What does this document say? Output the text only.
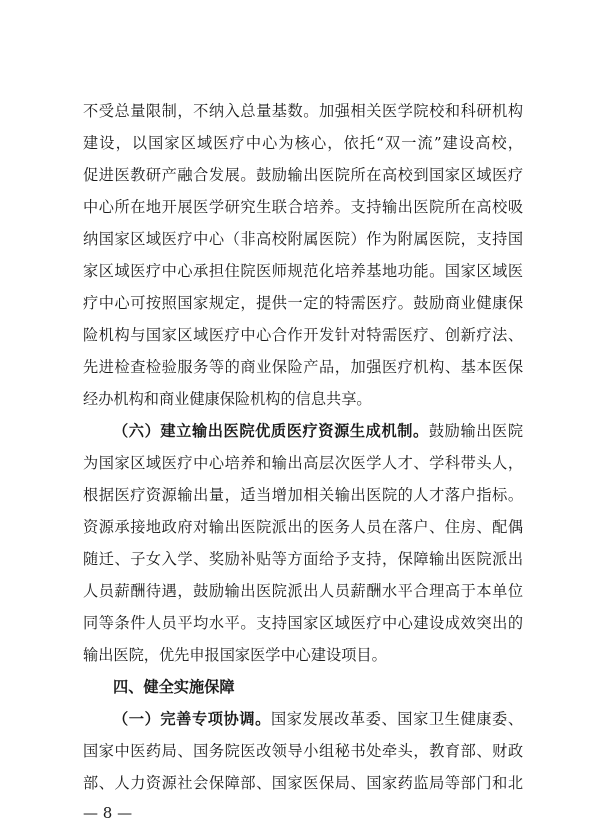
不受总量限制，不纳入总量基数。加强相关医学院校和科研机构
建设，以国家区域医疗中心为核心，依托“双一流”建设高校，
促进医教研产融合发展。鼓励输出医院所在高校到国家区域医疗
中心所在地开展医学研究生联合培养。支持输出医院所在高校吸
纳国家区域医疗中心（非高校附属医院）作为附属医院，支持国
家区域医疗中心承担住院医师规范化培养基地功能。国家区域医
疗中心可按照国家规定，提供一定的特需医疗。鼓励商业健康保
险机构与国家区域医疗中心合作开发针对特需医疗、创新疗法、
先进检查检验服务等的商业保险产品，加强医疗机构、基本医保
经办机构和商业健康保险机构的信息共享。
（六）建立输出医院优质医疗资源生成机制。鼓励输出医院
为国家区域医疗中心培养和输出高层次医学人才、学科带头人，
根据医疗资源输出量，适当增加相关输出医院的人才落户指标。
资源承接地政府对输出医院派出的医务人员在落户、住房、配偶
随迁、子女入学、奖励补贴等方面给予支持，保障输出医院派出
人员薪酬待遇，鼓励输出医院派出人员薪酬水平合理高于本单位
同等条件人员平均水平。支持国家区域医疗中心建设成效突出的
输出医院，优先申报国家医学中心建设项目。
四、健全实施保障
（一）完善专项协调。国家发展改革委、国家卫生健康委、
国家中医药局、国务院医改领导小组秘书处牵头，教育部、财政
部、人力资源社会保障部、国家医保局、国家药监局等部门和北
— 8 —
